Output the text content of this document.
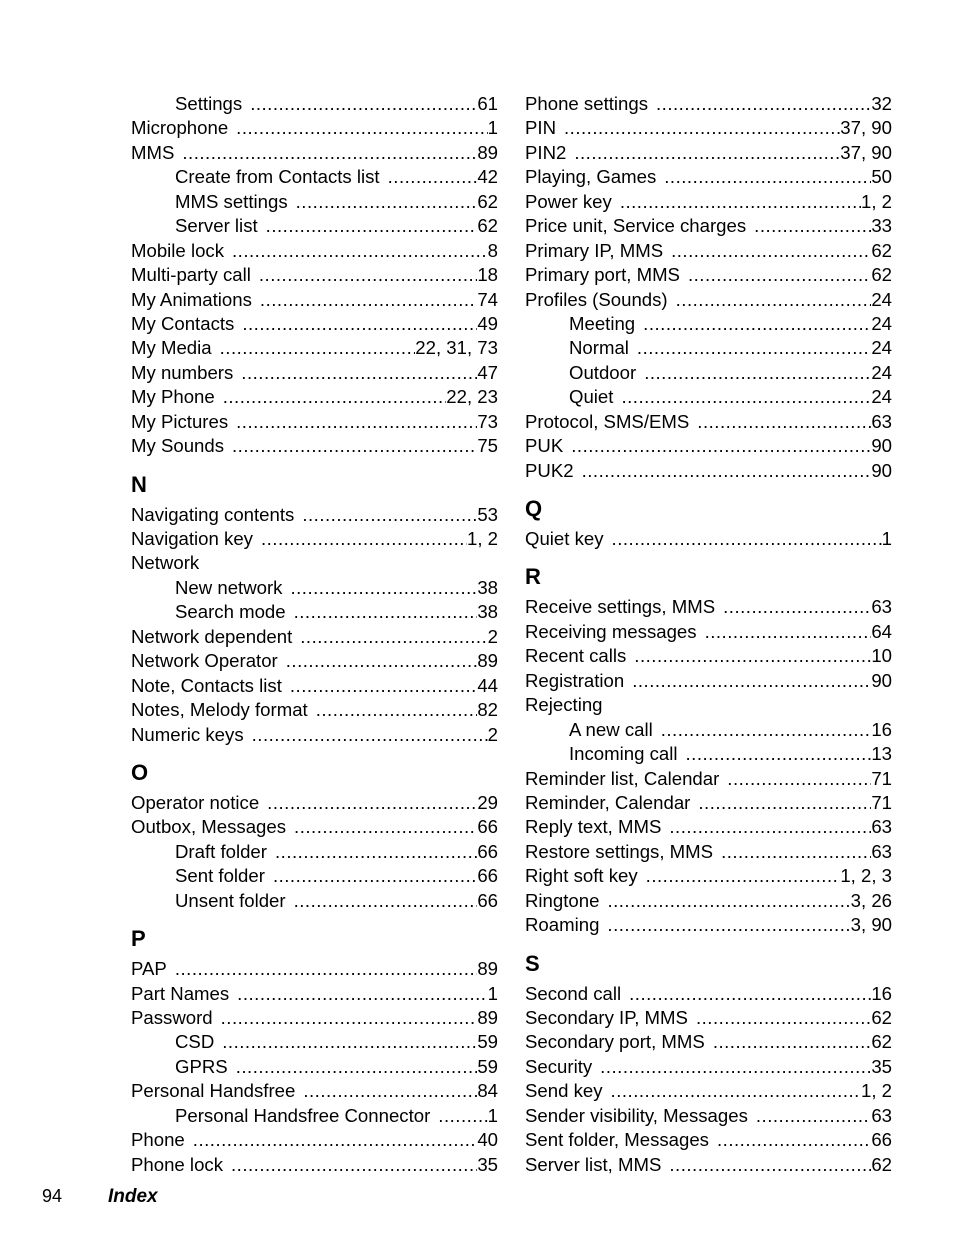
Settings .....	61
Microphone .....	1
MMS .....	89
Create from Contacts list .....	42
MMS settings .....	62
Server list .....	62
Mobile lock .....	8
Multi-party call .....	18
My Animations .....	74
My Contacts .....	49
My Media .....	22, 31, 73
My numbers .....	47
My Phone .....	22, 23
My Pictures .....	73
My Sounds .....	75
N
Navigating contents .....	53
Navigation key .....	1, 2
Network
New network .....	38
Search mode .....	38
Network dependent .....	2
Network Operator .....	89
Note, Contacts list .....	44
Notes, Melody format .....	82
Numeric keys .....	2
O
Operator notice .....	29
Outbox, Messages .....	66
Draft folder .....	66
Sent folder .....	66
Unsent folder .....	66
P
PAP .....	89
Part Names .....	1
Password .....	89
CSD .....	59
GPRS .....	59
Personal Handsfree .....	84
Personal Handsfree Connector .....	1
Phone .....	40
Phone lock .....	35
Phone settings .....	32
PIN .....	37, 90
PIN2 .....	37, 90
Playing, Games .....	50
Power key .....	1, 2
Price unit, Service charges .....	33
Primary IP, MMS .....	62
Primary port, MMS .....	62
Profiles (Sounds) .....	24
Meeting .....	24
Normal .....	24
Outdoor .....	24
Quiet .....	24
Protocol, SMS/EMS .....	63
PUK .....	90
PUK2 .....	90
Q
Quiet key .....	1
R
Receive settings, MMS .....	63
Receiving messages .....	64
Recent calls .....	10
Registration .....	90
Rejecting
A new call .....	16
Incoming call .....	13
Reminder list, Calendar .....	71
Reminder, Calendar .....	71
Reply text, MMS .....	63
Restore settings, MMS .....	63
Right soft key .....	1, 2, 3
Ringtone .....	3, 26
Roaming .....	3, 90
S
Second call .....	16
Secondary IP, MMS .....	62
Secondary port, MMS .....	62
Security .....	35
Send key .....	1, 2
Sender visibility, Messages .....	63
Sent folder, Messages .....	66
Server list, MMS .....	62
94 Index
